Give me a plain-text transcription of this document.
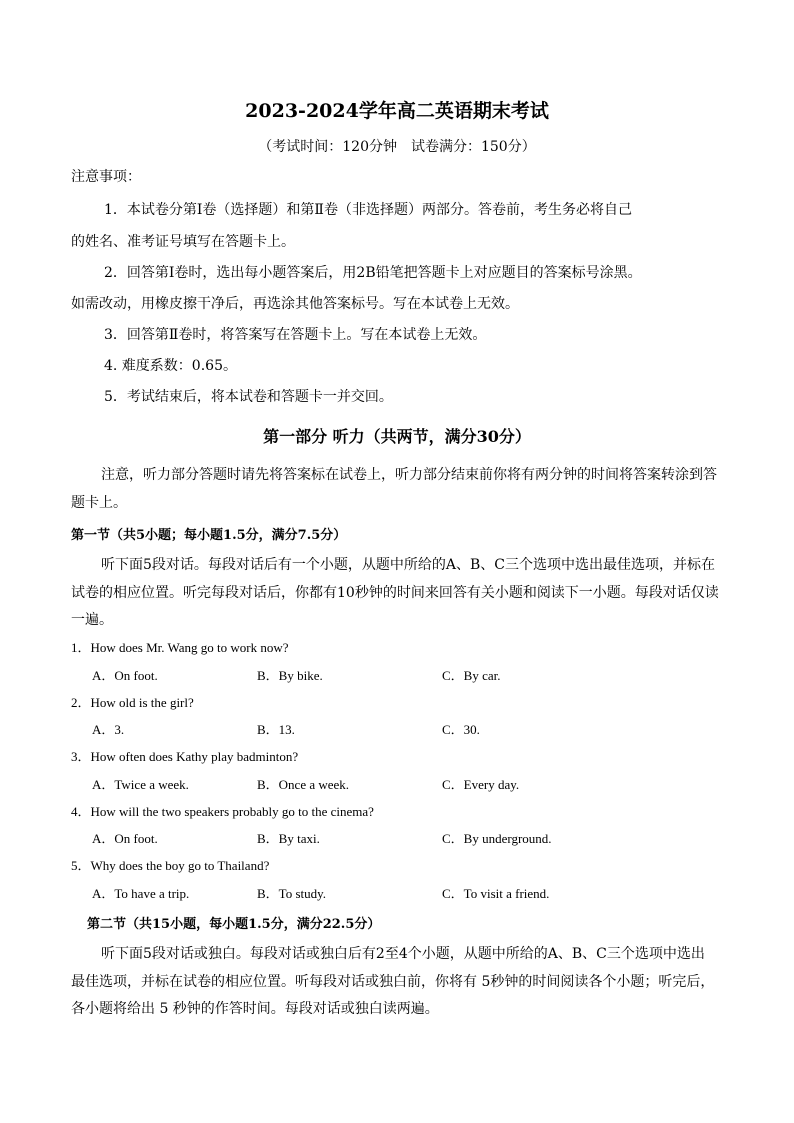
2023-2024学年高二英语期末考试
（考试时间：120分钟　试卷满分：150分）
注意事项：
1．本试卷分第Ⅰ卷（选择题）和第Ⅱ卷（非选择题）两部分。答卷前，考生务必将自己
的姓名、准考证号填写在答题卡上。
2．回答第Ⅰ卷时，选出每小题答案后，用2B铅笔把答题卡上对应题目的答案标号涂黑。
如需改动，用橡皮擦干净后，再选涂其他答案标号。写在本试卷上无效。
3．回答第Ⅱ卷时，将答案写在答题卡上。写在本试卷上无效。
4. 难度系数：0.65。
5．考试结束后，将本试卷和答题卡一并交回。
第一部分 听力（共两节，满分30分）
注意，听力部分答题时请先将答案标在试卷上，听力部分结束前你将有两分钟的时间将答案转涂到答
题卡上。
第一节（共5小题；每小题1.5分，满分7.5分）
听下面5段对话。每段对话后有一个小题，从题中所给的A、B、C三个选项中选出最佳选项，并标在
试卷的相应位置。听完每段对话后，你都有10秒钟的时间来回答有关小题和阅读下一小题。每段对话仅读
一遍。
1．How does Mr. Wang go to work now?
A．On foot.	B．By bike.	C．By car.
2．How old is the girl?
A．3.	B．13.	C．30.
3．How often does Kathy play badminton?
A．Twice a week.	B．Once a week.	C．Every day.
4．How will the two speakers probably go to the cinema?
A．On foot.	B．By taxi.	C．By underground.
5．Why does the boy go to Thailand?
A．To have a trip.	B．To study.	C．To visit a friend.
第二节（共15小题，每小题1.5分，满分22.5分）
听下面5段对话或独白。每段对话或独白后有2至4个小题，从题中所给的A、B、C三个选项中选出
最佳选项，并标在试卷的相应位置。听每段对话或独白前，你将有 5秒钟的时间阅读各个小题；听完后，
各小题将给出 5 秒钟的作答时间。每段对话或独白读两遍。
